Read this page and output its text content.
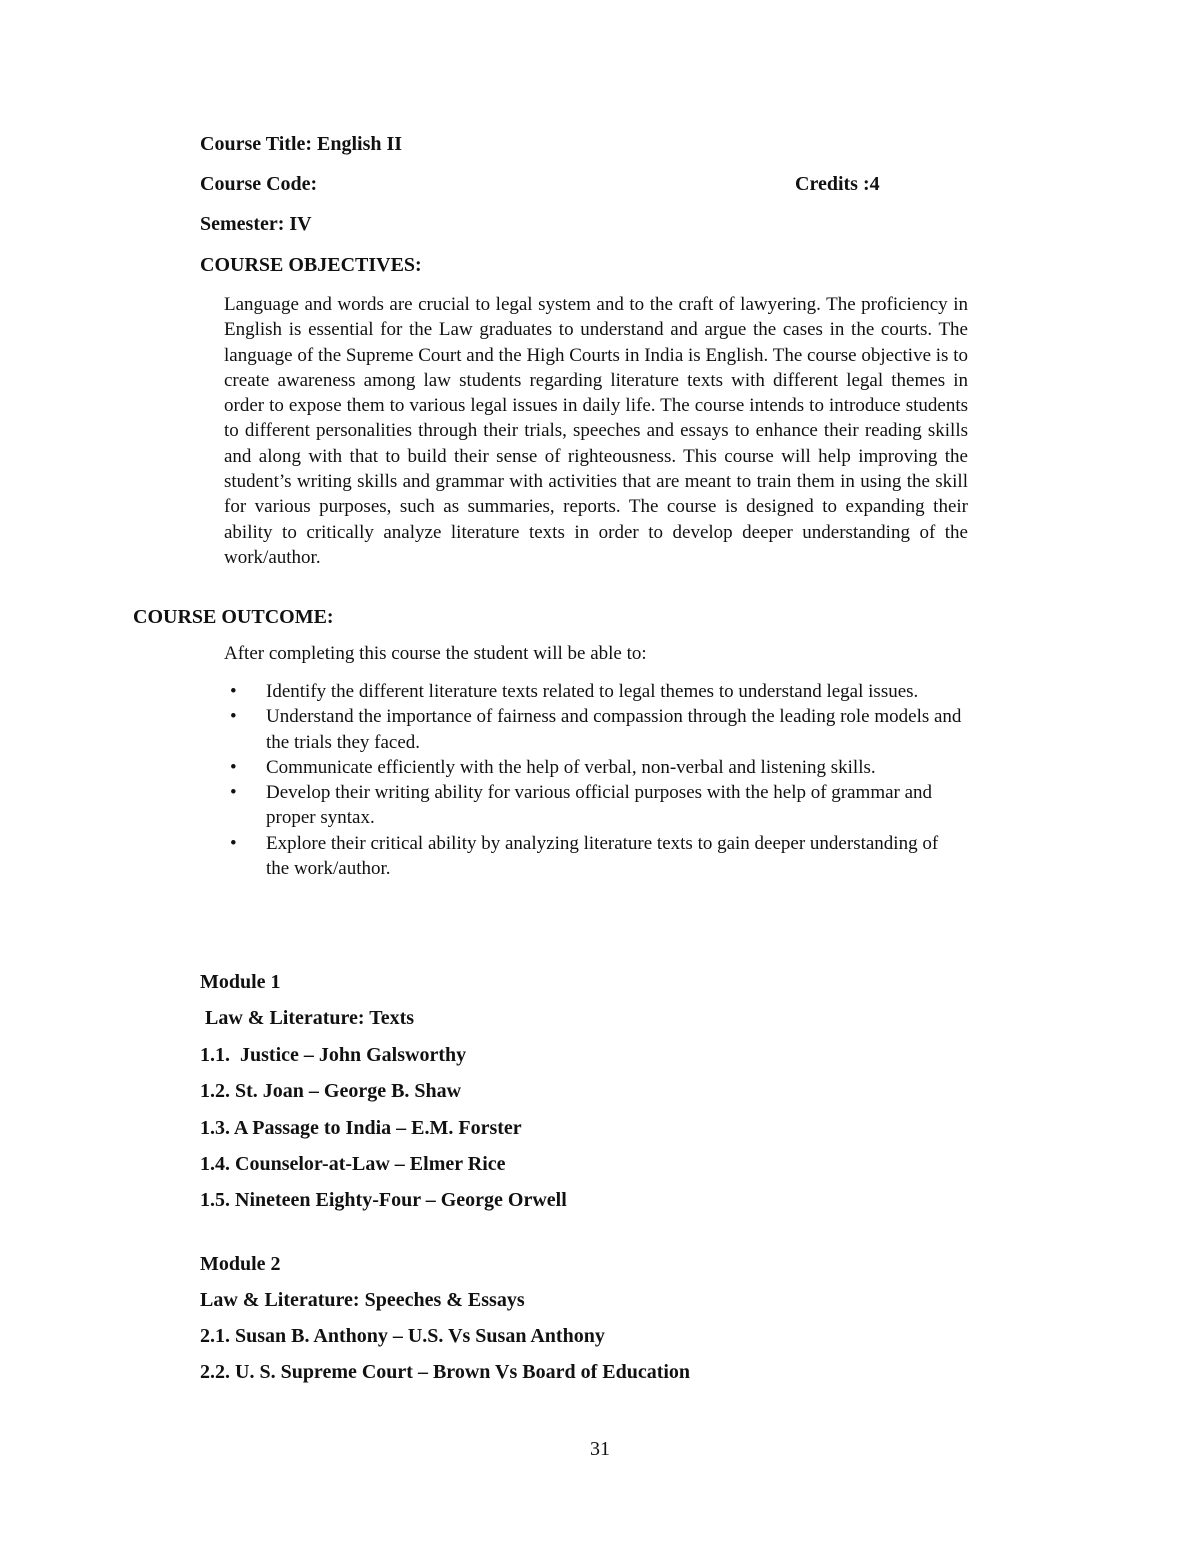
Course Title: English II
Course Code:	Credits :4
Semester: IV
COURSE OBJECTIVES:

Language and words are crucial to legal system and to the craft of lawyering. The proficiency in English is essential for the Law graduates to understand and argue the cases in the courts. The language of the Supreme Court and the High Courts in India is English. The course objective is to create awareness among law students regarding literature texts with different legal themes in order to expose them to various legal issues in daily life. The course intends to introduce students to different personalities through their trials, speeches and essays to enhance their reading skills and along with that to build their sense of righteousness. This course will help improving the student’s writing skills and grammar with activities that are meant to train them in using the skill for various purposes, such as summaries, reports. The course is designed to expanding their ability to critically analyze literature texts in order to develop deeper understanding of the work/author.

COURSE OUTCOME:
After completing this course the student will be able to:
• Identify the different literature texts related to legal themes to understand legal issues.
• Understand the importance of fairness and compassion through the leading role models and the trials they faced.
• Communicate efficiently with the help of verbal, non-verbal and listening skills.
• Develop their writing ability for various official purposes with the help of grammar and proper syntax.
• Explore their critical ability by analyzing literature texts to gain deeper understanding of the work/author.
Module 1
Law & Literature: Texts
1.1.  Justice – John Galsworthy
1.2. St. Joan – George B. Shaw
1.3. A Passage to India – E.M. Forster
1.4. Counselor-at-Law – Elmer Rice
1.5. Nineteen Eighty-Four – George Orwell
Module 2
Law & Literature: Speeches & Essays
2.1. Susan B. Anthony – U.S. Vs Susan Anthony
2.2. U. S. Supreme Court – Brown Vs Board of Education
31
